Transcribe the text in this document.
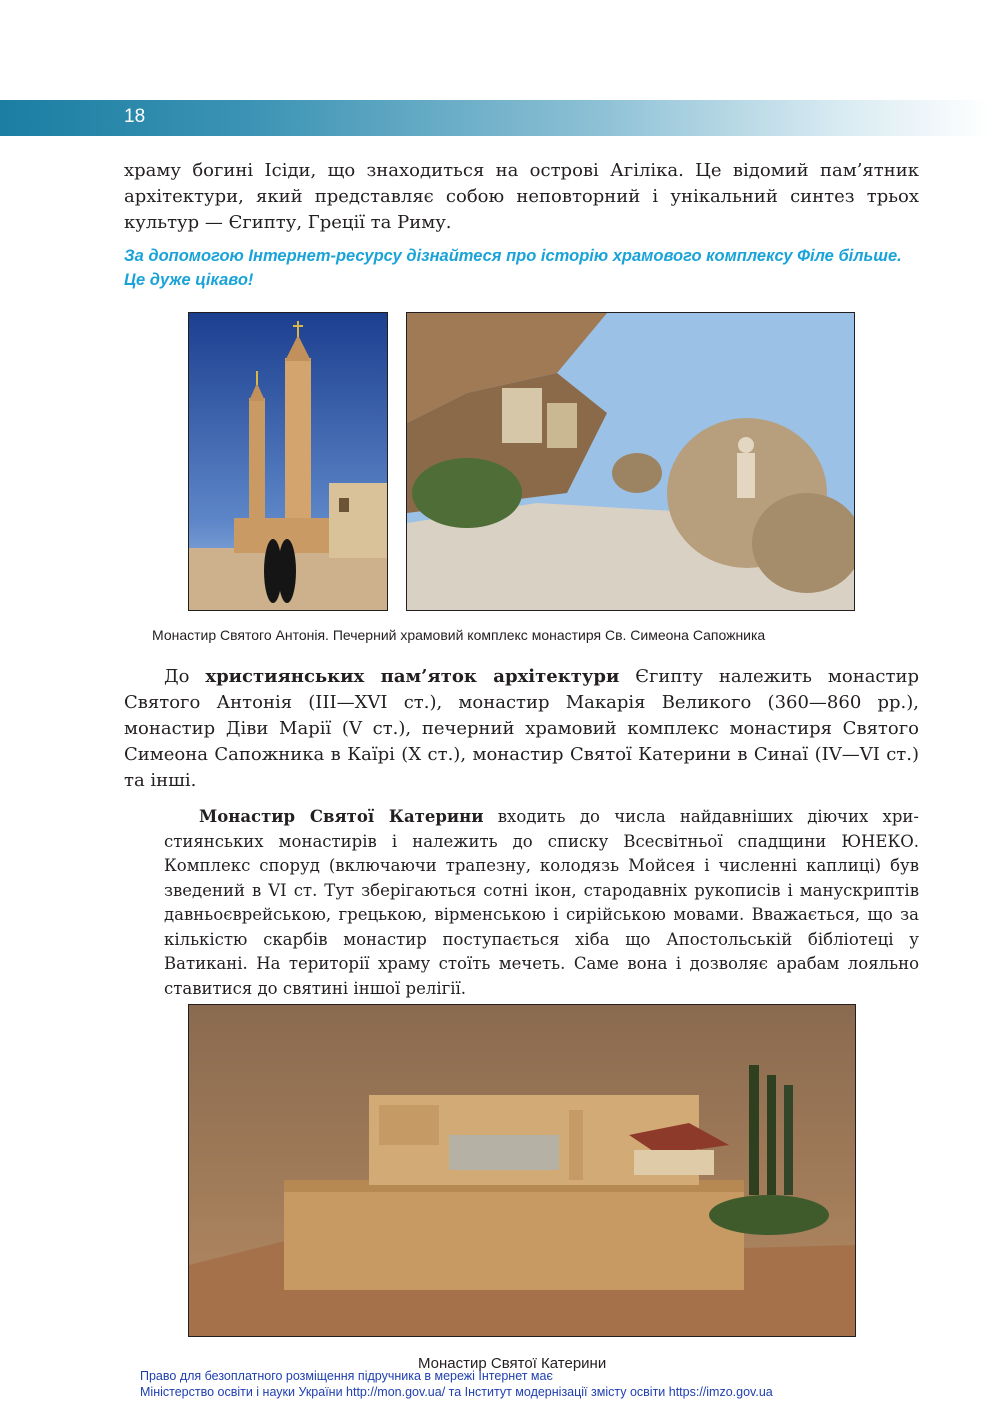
18

храму богині Ісіди, що знаходиться на острові Агіліка. Це відомий пам’ятник архітектури, який представляє собою неповторний і унікальний синтез трьох культур — Єгипту, Греції та Риму.

За допомогою Інтернет-ресурсу дізнайтеся про історію храмового комплексу Філе більше. Це дуже цікаво!
Монастир Святого Антонія. Печерний храмовий комплекс монастиря Св. Симеона Сапожника

До християнських пам’яток архітектури Єгипту належить монастир Святого Антонія (ІІІ—ХVІ ст.), монастир Макарія Великого (360—860 рр.), монастир Діви Марії (V ст.), печерний храмовий комплекс монастиря Святого Симеона Сапожника в Каїрі (Х ст.), монастир Святої Катерини в Синаї (ІV—VІ ст.) та інші.

Монастир Святої Катерини входить до числа найдавніших діючих християнських монастирів і належить до списку Всесвітньої спадщини ЮНЕКО. Комплекс споруд (включаючи трапезну, колодязь Мойсея і численні каплиці) був зведений в VІ ст. Тут зберігаються сотні ікон, стародавніх рукописів і манускриптів давньоєврейською, грецькою, вірменською і сирійською мовами. Вважається, що за кількістю скарбів монастир поступається хіба що Апостольській бібліотеці у Ватикані. На території храму стоїть мечеть. Саме вона і дозволяє арабам лояльно ставитися до святині іншої релігії.

Монастир Святої Катерини
Право для безоплатного розміщення підручника в мережі Інтернет має
Міністерство освіти і науки України http://mon.gov.ua/ та Інститут модернізації змісту освіти https://imzo.gov.ua
